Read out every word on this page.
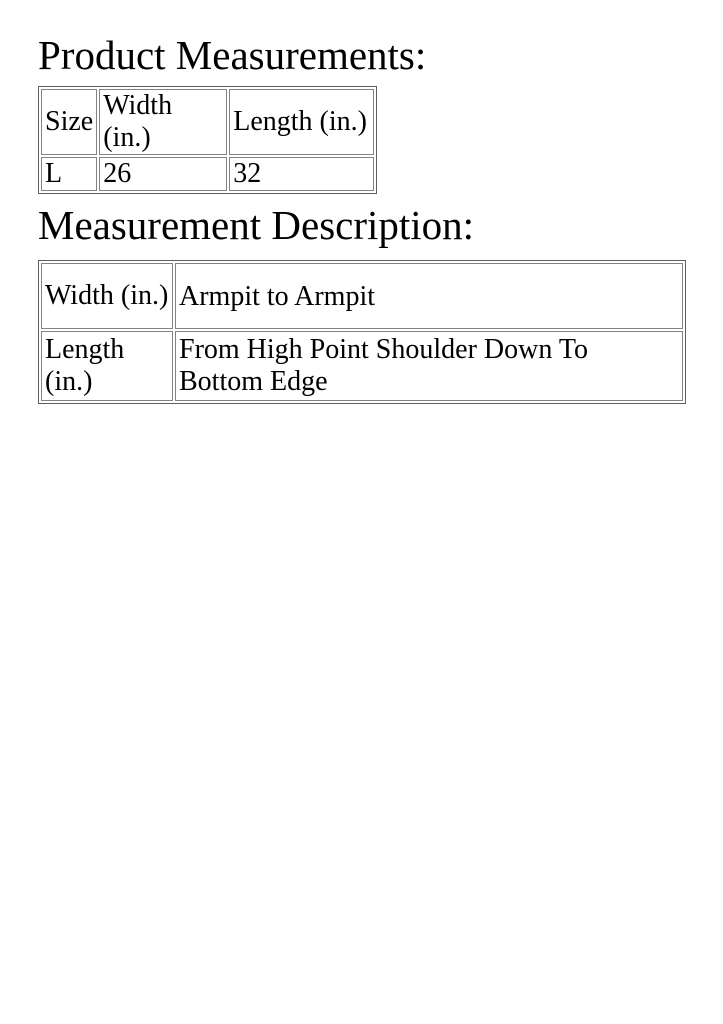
Product Measurements:
Size	Width (in.)	Length (in.)
L	26	32
Measurement Description:
Width (in.)	Armpit to Armpit
Length (in.)	From High Point Shoulder Down To Bottom Edge
